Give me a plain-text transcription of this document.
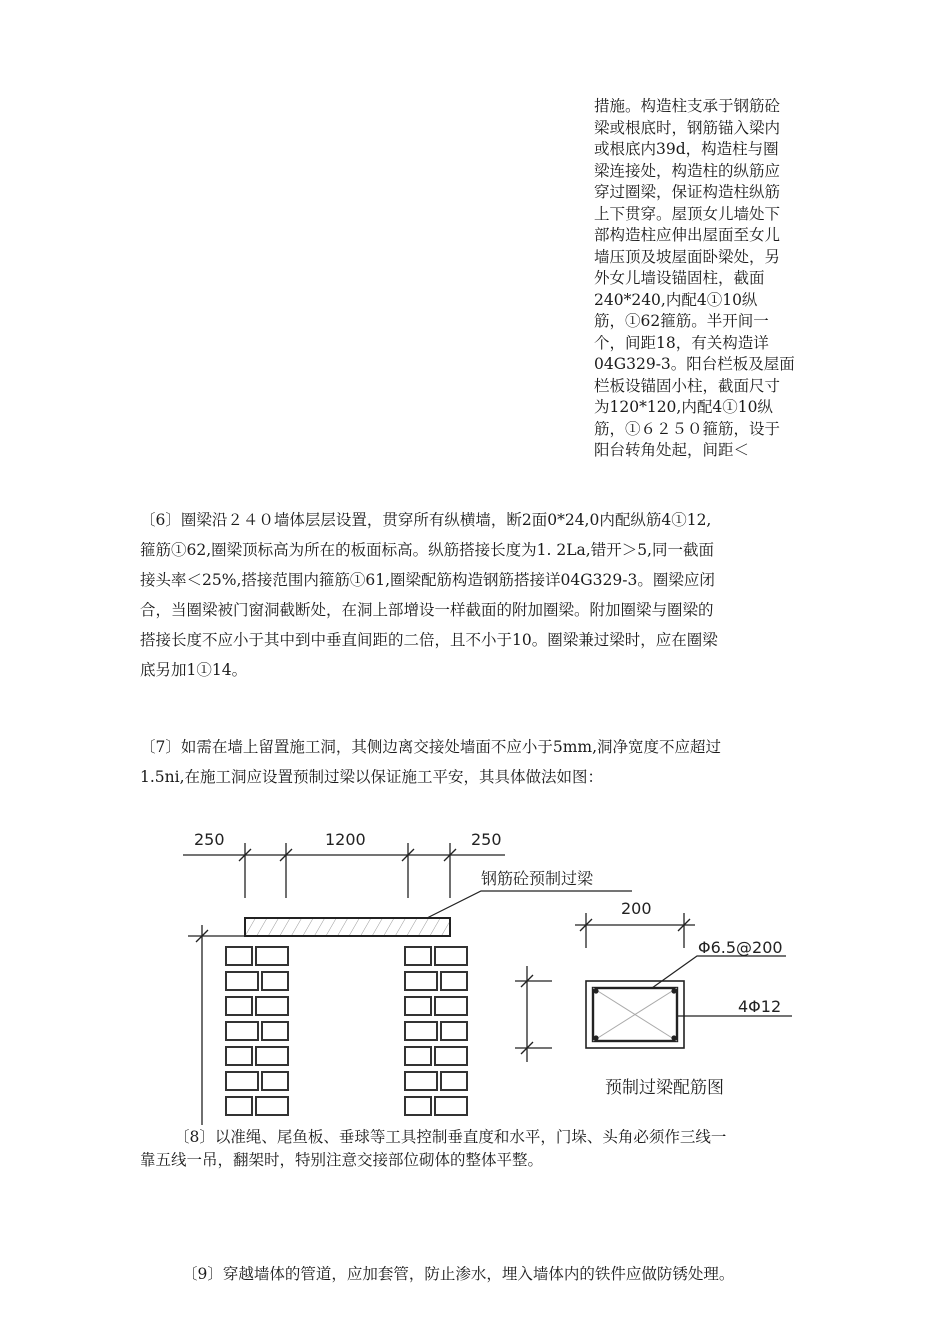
措施。构造柱支承于钢筋砼

梁或根底时，钢筋锚入梁内

或根底内39d，构造柱与圈

梁连接处，构造柱的纵筋应

穿过圈梁，保证构造柱纵筋

上下贯穿。屋顶女儿墙处下

部构造柱应伸出屋面至女儿

墙压顶及坡屋面卧梁处，另

外女儿墙设锚固柱，截面

240*240,内配4①10纵

筋，①62箍筋。半开间一

个，间距18，有关构造详

04G329-3。阳台栏板及屋面

栏板设锚固小柱，截面尺寸

为120*120,内配4①10纵

筋，①６２５０箍筋，设于

阳台转角处起，间距＜

〔6〕圈梁沿２４０墙体层层设置，贯穿所有纵横墙，断2面0*24,0内配纵筋4①12,
箍筋①62,圈梁顶标高为所在的板面标高。纵筋搭接长度为1. 2La,错开＞5,同一截面
接头率＜25%,搭接范围内箍筋①61,圈梁配筋构造钢筋搭接详04G329-3。圈梁应闭
合，当圈梁被门窗洞截断处，在洞上部增设一样截面的附加圈梁。附加圈梁与圈梁的
搭接长度不应小于其中到中垂直间距的二倍，且不小于10。圈梁兼过梁时，应在圈梁
底另加1①14。
〔7〕如需在墙上留置施工洞，其侧边离交接处墙面不应小于5mm,洞净宽度不应超过
1.5ni,在施工洞应设置预制过梁以保证施工平安，其具体做法如图：
250	1200	250
钢筋砼预制过梁
200
Φ6.5@200
4Φ12
预制过梁配筋图
〔8〕以准绳、尾鱼板、垂球等工具控制垂直度和水平，门垛、头角必须作三线一
靠五线一吊，翻架时，特别注意交接部位砌体的整体平整。
〔9〕穿越墙体的管道，应加套管，防止渗水，埋入墙体内的铁件应做防锈处理。
